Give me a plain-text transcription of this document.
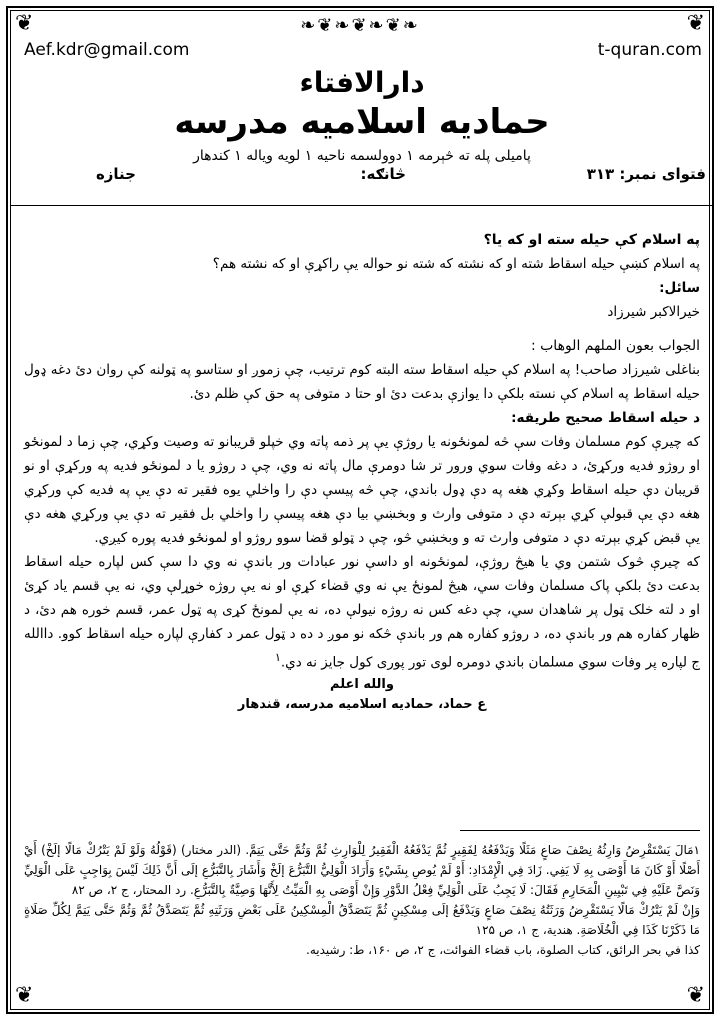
❦	❦
❦	❦
❧❦❧❦❧❦❧
Aef.kdr@gmail.com	t-quran.com
دارالافتاء
حمادیه اسلامیه مدرسه
پاميلى پله ته څېرمه ۱ دوولسمه ناحیه ۱ لویه ویاله ۱ کندهار
فتوای نمبر: ۳۱۳
څانګه:
جنازه

په اسلام کې حیله سته او که یا؟

په اسلام کښې حیله اسقاط شته او که نشته که شته نو حواله يې راکړې او که نشته هم؟

سائل:

خیرالاکبر شیرزاد

الجواب بعون الملهم الوهاب :

بناغلی شیرزاد صاحب! په اسلام کې حیله اسقاط سته البته کوم ترتیب، چې زموږ او ستاسو په ټولنه کې روان دئ دغه ډول حیله اسقاط په اسلام کې نسته بلکې دا یوازې بدعت دئ او حتا د متوفی په حق کې ظلم دئ.

د حیله اسقاط صحیح طریقه:

که چیرې کوم مسلمان وفات سې څه لمونځونه یا روژې یې پر ذمه پاته وي خپلو قریبانو ته وصیت وکړي، چې زما د لمونځو او روژو فدیه ورکړئ، د دغه وفات سوي ورور تر شا دومرې مال پاته نه وي، چې د روژو یا د لمونځو فدیه په ورکړې او نو قریبان دې حیله اسقاط وکړي هغه په دې ډول باندي، چې څه پیسې دې را واخلي یوه فقیر ته دې یې په فدیه کې ورکړي هغه دې یې قبولې کړي بېرته دې د متوفی وارث و وبخښي بیا دې هغه پیسې را واخلي بل فقیر ته دې یې ورکړي هغه دې یې قبض کړي بېرته دې د متوفی وارث ته و وبخښي څو، چې د ټولو قضا سوو روژو او لمونځو فدیه پوره کیږي.

که چیرې څوک شتمن وي یا هیڅ روژې، لمونځونه او داسې نور عبادات ور باندې نه وي دا سې کس لپاره حیله اسقاط بدعت دئ بلکې پاک مسلمان وفات سي، هیڅ لمونځ یې نه وي قضاء کړې او نه یې روژه خوړلې وي، نه یې قسم یاد کړئ او د لته خلک ټول پر شاهدان سي، چې دغه کس نه روژه نیولې ده، نه یې لمونځ کړی په ټول عمر، قسم خوره هم دئ، د ظهار کفاره هم ور باندې ده، د روژو کفاره هم ور باندې څکه نو موږ د ده د ټول عمر د کفارې لپاره حیله اسقاط کوو. داالله ج لپاره پر وفات سوي مسلمان باندي دومره لوی تور پوری کول جایز نه دي.$^۱$

والله اعلم

ع حماد، حمادیه اسلامیه مدرسه، قندهار

۱مَالَ يَسْتَقْرِضُ وَارِثُهُ نِصْفَ صَاعٍ مَثَلًا وَيَدْفَعُهُ لِفَقِيرٍ ثُمَّ يَدْفَعُهُ الْفَقِيرُ لِلْوَارِثِ ثُمَّ وَثُمَّ حَتَّى يَتِمَّ. (الدر مختار) (قَوْلُهُ وَلَوْ لَمْ يَتْرُكْ مَالًا إلَخْ) أَيْ أَصْلًا أَوْ كَانَ مَا أَوْصَى بِهِ لَا يَفِي. زَادَ فِي الْإِمْدَادِ: أَوْ لَمْ يُوصِ بِشَيْءٍ وَأَرَادَ الْوَلِيُّ التَّبَرُّعَ إلَخْ وَأَشَارَ بِالتَّبَرُّعِ إلَى أَنَّ ذَلِكَ لَيْسَ بِوَاجِبٍ عَلَى الْوَلِيِّ وَنَصَّ عَلَيْهِ فِي تَبْيِينِ الْمَحَارِمِ فَقَالَ: لَا يَجِبُ عَلَى الْوَلِيِّ فِعْلُ الدَّوْرِ وَإِنْ أَوْصَى بِهِ الْمَيِّتُ لِأَنَّهَا وَصِيَّةٌ بِالتَّبَرُّعِ. رد المحتار، ج ۲، ص ۸۲

وَإِنْ لَمْ يَتْرُكْ مَالًا يَسْتَقْرِضُ وَرَثَتُهُ نِصْفَ صَاعٍ وَيَدْفَعُ إلَى مِسْكِينٍ ثُمَّ يَتَصَدَّقُ الْمِسْكِينُ عَلَى بَعْضِ وَرَثَتِهِ ثُمَّ يَتَصَدَّقُ ثُمَّ وَثُمَّ حَتَّى يَتِمَّ لِكُلِّ صَلَاةٍ مَا ذَكَرْنَا كَذَا فِي الْخُلَاصَةِ. هندية، ج ۱، ص ۱۲۵

كذا في بحر الرائق، كتاب الصلوة، باب قضاء الفوائت، ج ۲، ص ۱۶۰، ط: رشيديه.
